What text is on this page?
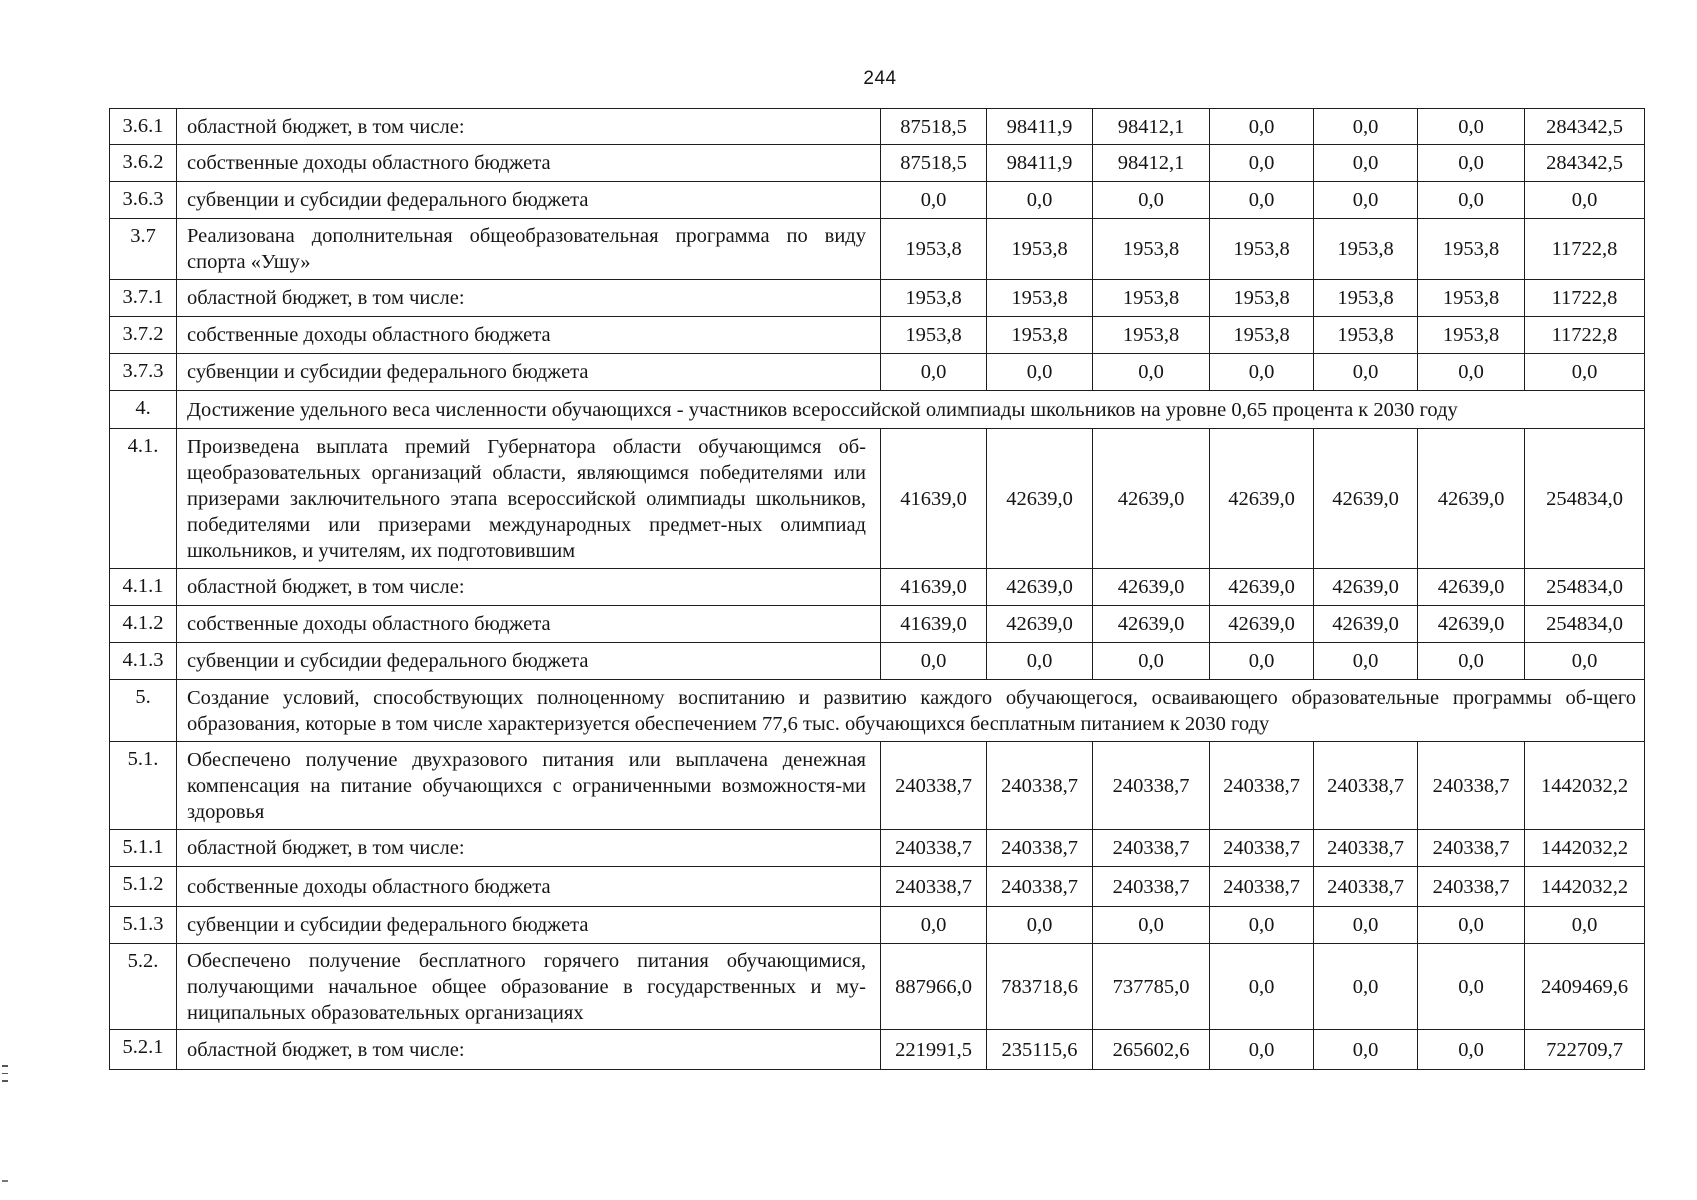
244
3.6.1	областной бюджет, в том числе:	87518,5	98411,9	98412,1	0,0	0,0	0,0	284342,5
3.6.2	собственные доходы областного бюджета	87518,5	98411,9	98412,1	0,0	0,0	0,0	284342,5
3.6.3	субвенции и субсидии федерального бюджета	0,0	0,0	0,0	0,0	0,0	0,0	0,0
3.7	Реализована дополнительная общеобразовательная программа по виду спорта «Ушу»	1953,8	1953,8	1953,8	1953,8	1953,8	1953,8	11722,8
3.7.1	областной бюджет, в том числе:	1953,8	1953,8	1953,8	1953,8	1953,8	1953,8	11722,8
3.7.2	собственные доходы областного бюджета	1953,8	1953,8	1953,8	1953,8	1953,8	1953,8	11722,8
3.7.3	субвенции и субсидии федерального бюджета	0,0	0,0	0,0	0,0	0,0	0,0	0,0
4.	Достижение удельного веса численности обучающихся - участников всероссийской олимпиады школьников на уровне 0,65 процента к 2030 году							
4.1.	Произведена выплата премий Губернатора области обучающимся об-щеобразовательных организаций области, являющимся победителями или призерами заключительного этапа всероссийской олимпиады школьников, победителями или призерами международных предмет-ных олимпиад школьников, и учителям, их подготовившим	41639,0	42639,0	42639,0	42639,0	42639,0	42639,0	254834,0
4.1.1	областной бюджет, в том числе:	41639,0	42639,0	42639,0	42639,0	42639,0	42639,0	254834,0
4.1.2	собственные доходы областного бюджета	41639,0	42639,0	42639,0	42639,0	42639,0	42639,0	254834,0
4.1.3	субвенции и субсидии федерального бюджета	0,0	0,0	0,0	0,0	0,0	0,0	0,0
5.	Создание условий, способствующих полноценному воспитанию и развитию каждого обучающегося, осваивающего образовательные программы об-щего образования, которые в том числе характеризуется обеспечением 77,6 тыс. обучающихся бесплатным питанием к 2030 году							
5.1.	Обеспечено получение двухразового питания или выплачена денежная компенсация на питание обучающихся с ограниченными возможностя-ми здоровья	240338,7	240338,7	240338,7	240338,7	240338,7	240338,7	1442032,2
5.1.1	областной бюджет, в том числе:	240338,7	240338,7	240338,7	240338,7	240338,7	240338,7	1442032,2
5.1.2	собственные доходы областного бюджета	240338,7	240338,7	240338,7	240338,7	240338,7	240338,7	1442032,2
5.1.3	субвенции и субсидии федерального бюджета	0,0	0,0	0,0	0,0	0,0	0,0	0,0
5.2.	Обеспечено получение бесплатного горячего питания обучающимися, получающими начальное общее образование в государственных и му-ниципальных образовательных организациях	887966,0	783718,6	737785,0	0,0	0,0	0,0	2409469,6
5.2.1	областной бюджет, в том числе:	221991,5	235115,6	265602,6	0,0	0,0	0,0	722709,7
